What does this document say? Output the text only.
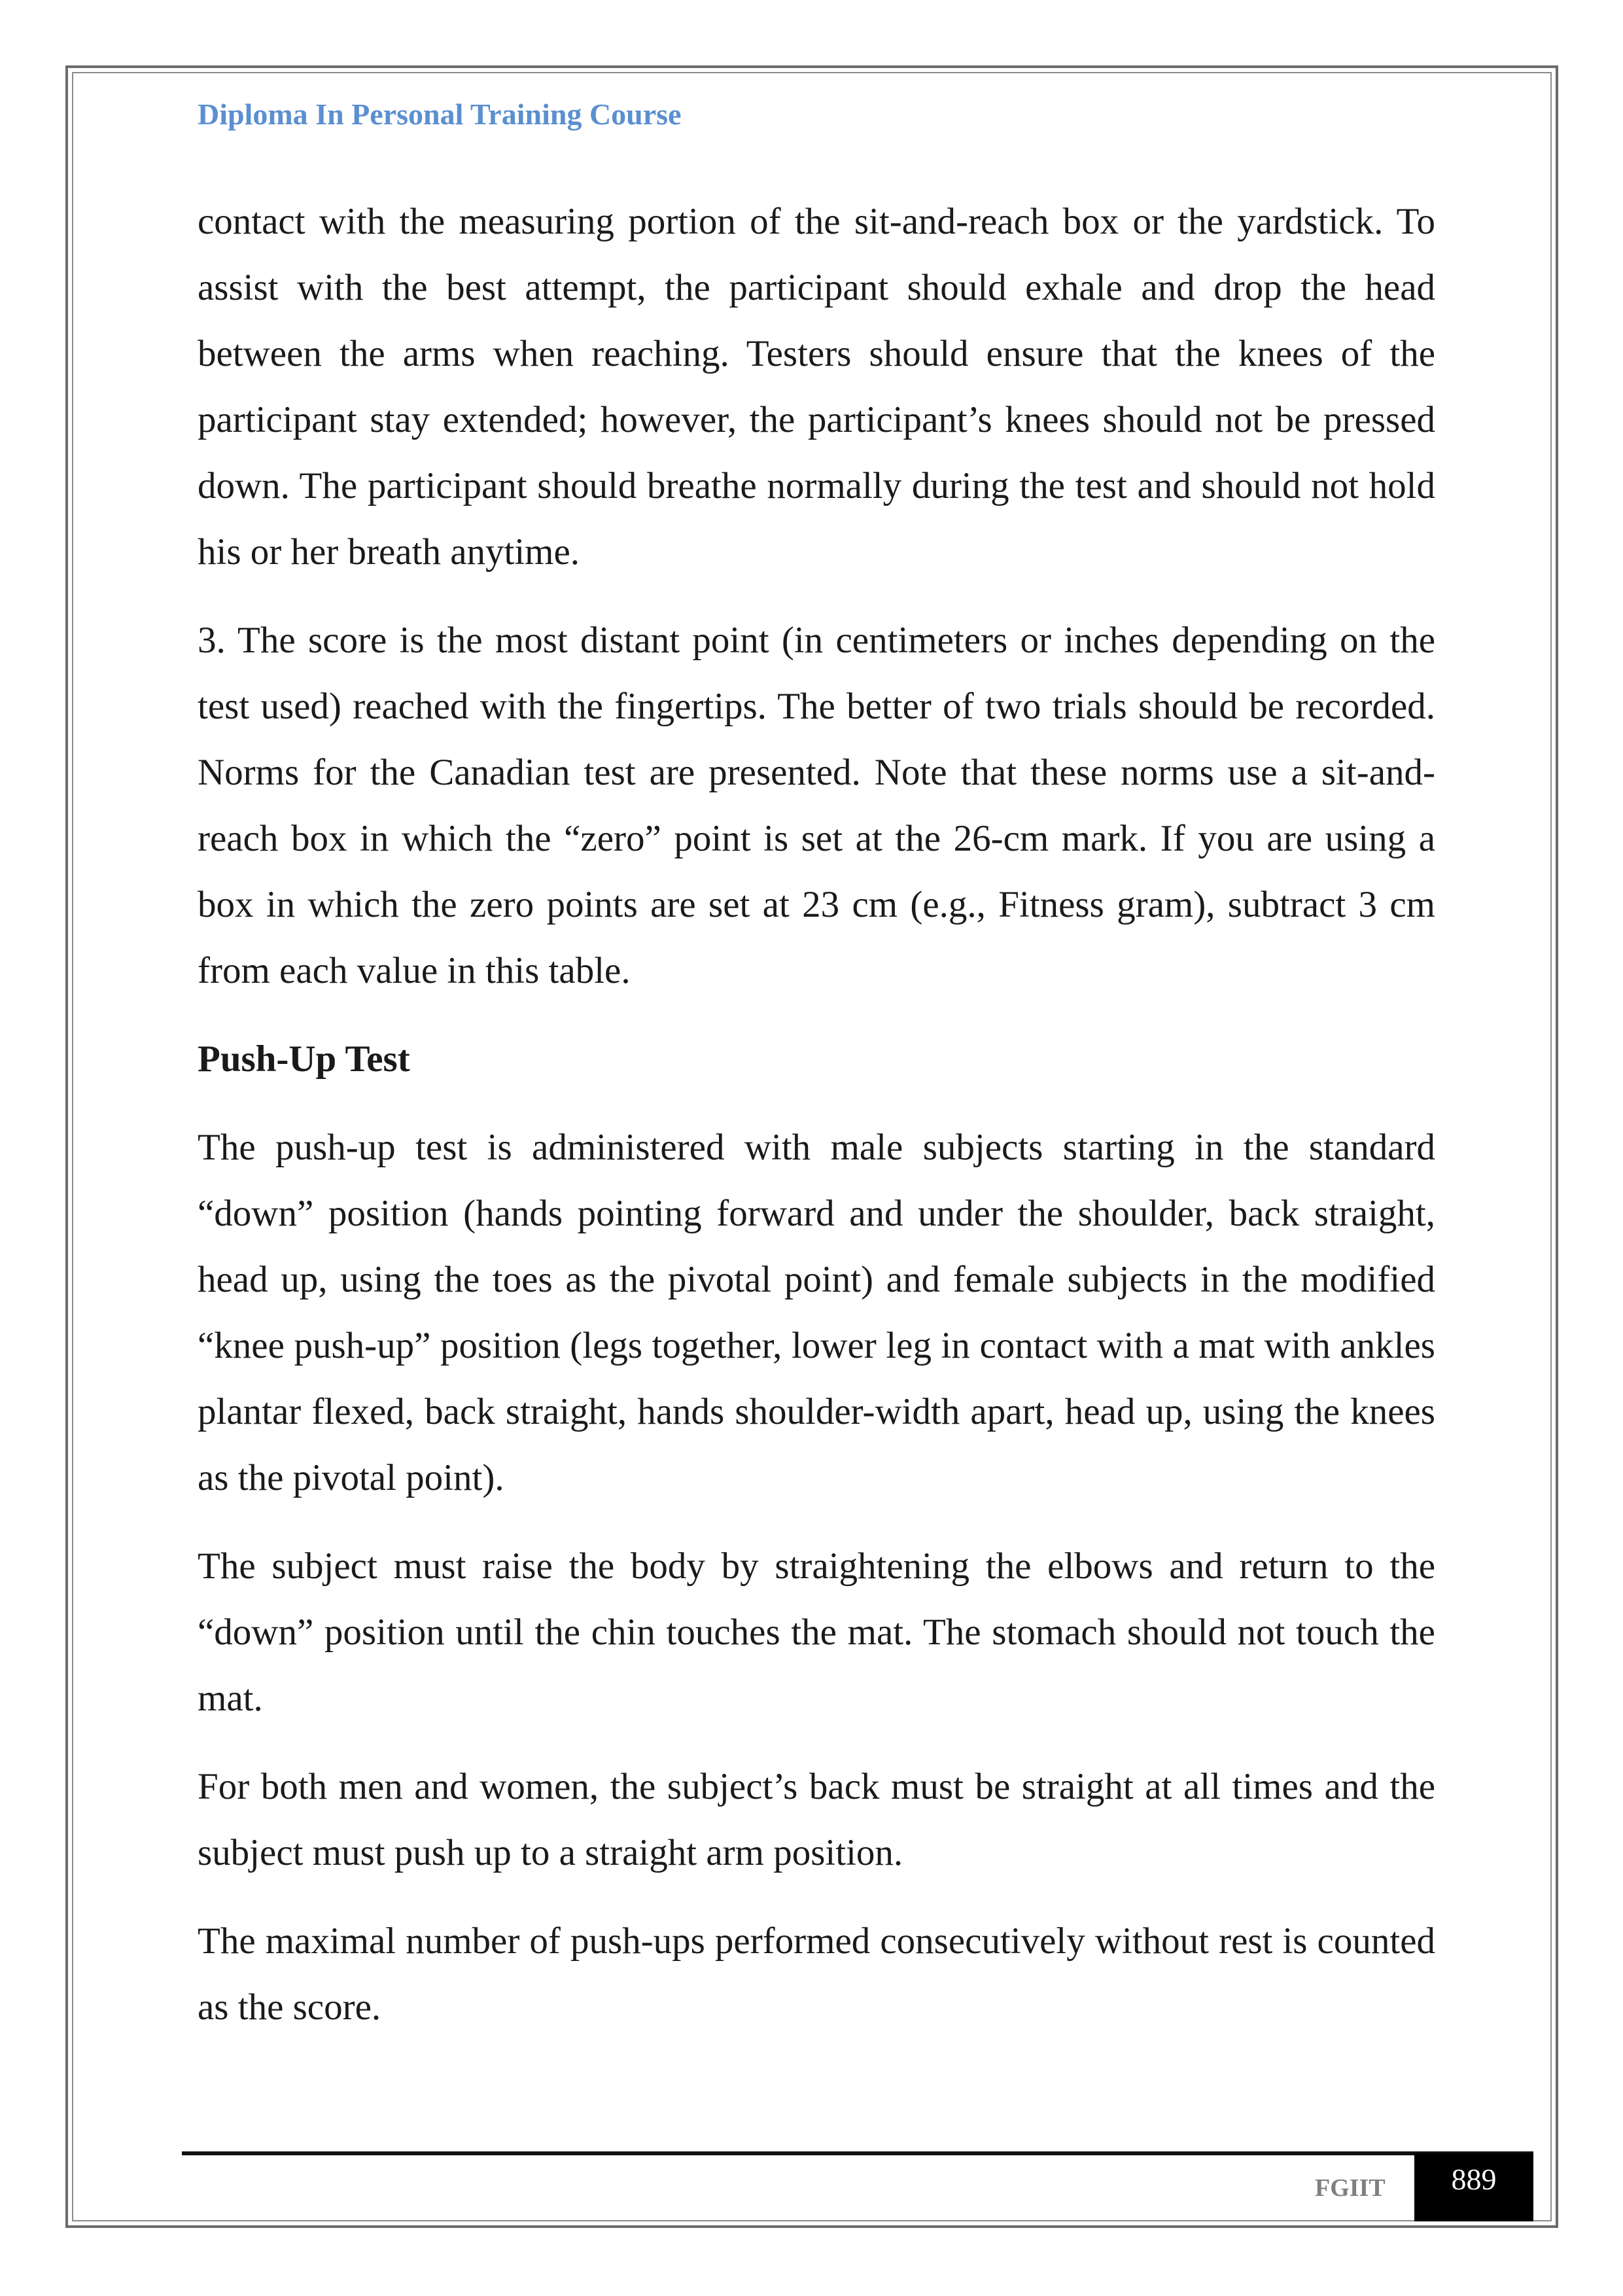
Diploma In Personal Training Course

contact with the measuring portion of the sit-and-reach box or the yardstick. To assist with the best attempt, the participant should exhale and drop the head between the arms when reaching. Testers should ensure that the knees of the participant stay extended; however, the participant’s knees should not be pressed down. The participant should breathe normally during the test and should not hold his or her breath anytime.

3. The score is the most distant point (in centimeters or inches depending on the test used) reached with the fingertips. The better of two trials should be recorded. Norms for the Canadian test are presented. Note that these norms use a sit-and-reach box in which the “zero” point is set at the 26-cm mark. If you are using a box in which the zero points are set at 23 cm (e.g., Fitness gram), subtract 3 cm from each value in this table.

Push-Up Test

The push-up test is administered with male subjects starting in the standard “down” position (hands pointing forward and under the shoulder, back straight, head up, using the toes as the pivotal point) and female subjects in the modified “knee push-up” position (legs together, lower leg in contact with a mat with ankles plantar flexed, back straight, hands shoulder-width apart, head up, using the knees as the pivotal point).

The subject must raise the body by straightening the elbows and return to the “down” position until the chin touches the mat. The stomach should not touch the mat.

For both men and women, the subject’s back must be straight at all times and the subject must push up to a straight arm position.

The maximal number of push-ups performed consecutively without rest is counted as the score.

FGIIT	889
